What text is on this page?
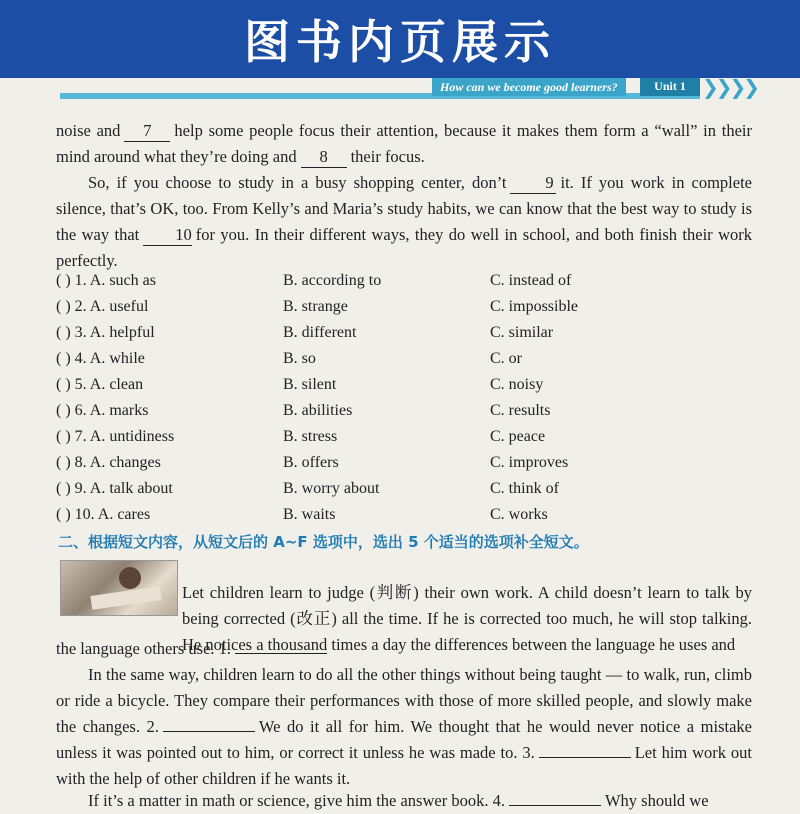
图书内页展示
How can we become good learners?	Unit 1 ❯❯❯❯
noise and 7 help some people focus their attention, because it makes them form a “wall” in their mind around what they’re doing and 8 their focus.
So, if you choose to study in a busy shopping center, don’t 9 it. If you work in complete silence, that’s OK, too. From Kelly’s and Maria’s study habits, we can know that the best way to study is the way that 10 for you. In their different ways, they do well in school, and both finish their work perfectly.
( ) 1. A. such as	B. according to	C. instead of
( ) 2. A. useful	B. strange	C. impossible
( ) 3. A. helpful	B. different	C. similar
( ) 4. A. while	B. so	C. or
( ) 5. A. clean	B. silent	C. noisy
( ) 6. A. marks	B. abilities	C. results
( ) 7. A. untidiness	B. stress	C. peace
( ) 8. A. changes	B. offers	C. improves
( ) 9. A. talk about	B. worry about	C. think of
( ) 10. A. cares	B. waits	C. works
二、根据短文内容，从短文后的 A~F 选项中，选出 5 个适当的选项补全短文。
Let children learn to judge (判断) their own work. A child doesn’t learn to talk by being corrected (改正) all the time. If he is corrected too much, he will stop talking. He notices a thousand times a day the differences between the language he uses and
the language others use. 1.
In the same way, children learn to do all the other things without being taught — to walk, run, climb or ride a bicycle. They compare their performances with those of more skilled people, and slowly make the changes. 2.	We do it all for him. We thought that he would never notice a mistake unless it was pointed out to him, or correct it unless he was made to. 3.	Let him work out with the help of other children if he wants it.
If it’s a matter in math or science, give him the answer book. 4.	Why should we
